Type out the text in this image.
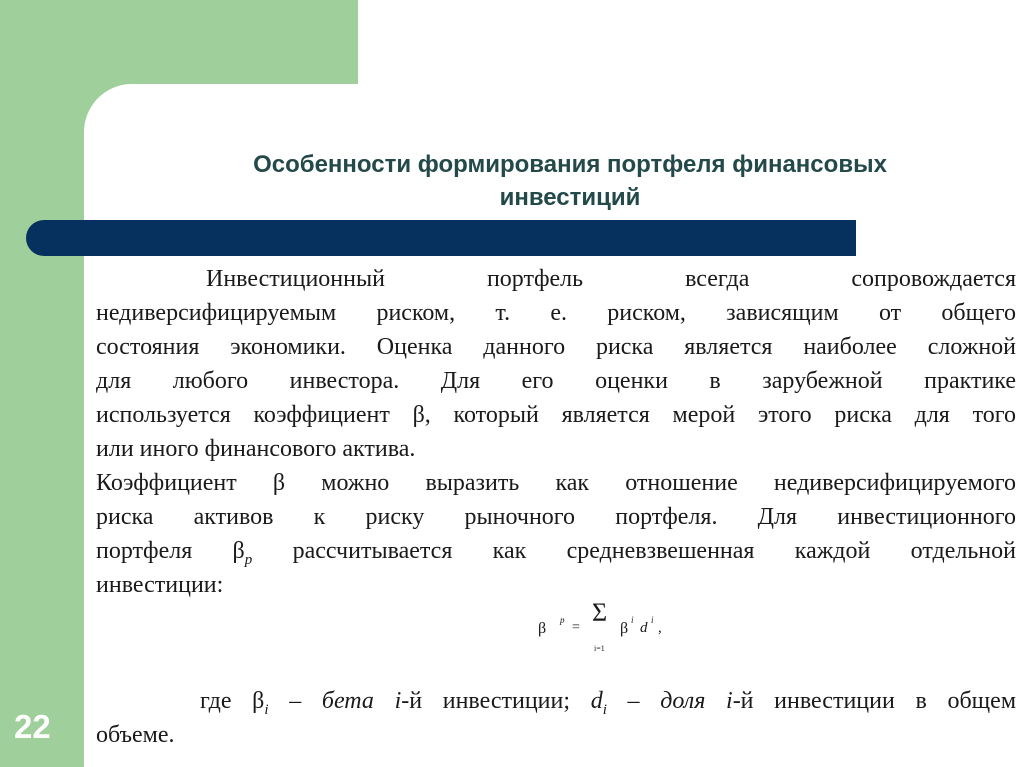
Особенности формирования портфеля финансовых
инвестиций
Инвестиционный	портфель	всегда	сопровождается
недиверсифицируемым риском, т. е. риском, зависящим от общего
состояния экономики. Оценка данного риска является наиболее сложной
для любого инвестора. Для его оценки в зарубежной практике
используется коэффициент β, который является мерой этого риска для того
или иного финансового актива.
Коэффициент β можно выразить как отношение недиверсифицируемого
риска активов к риску рыночного портфеля. Для инвестиционного
портфеля $\beta_p$ рассчитывается как средневзвешенная каждой отдельной
инвестиции:
где $\beta_i$ – бета i-й инвестиции; $d_i$ – доля i-й инвестиции в общем
объеме.
β p =
Σ
i=1
β i d i ,
22
